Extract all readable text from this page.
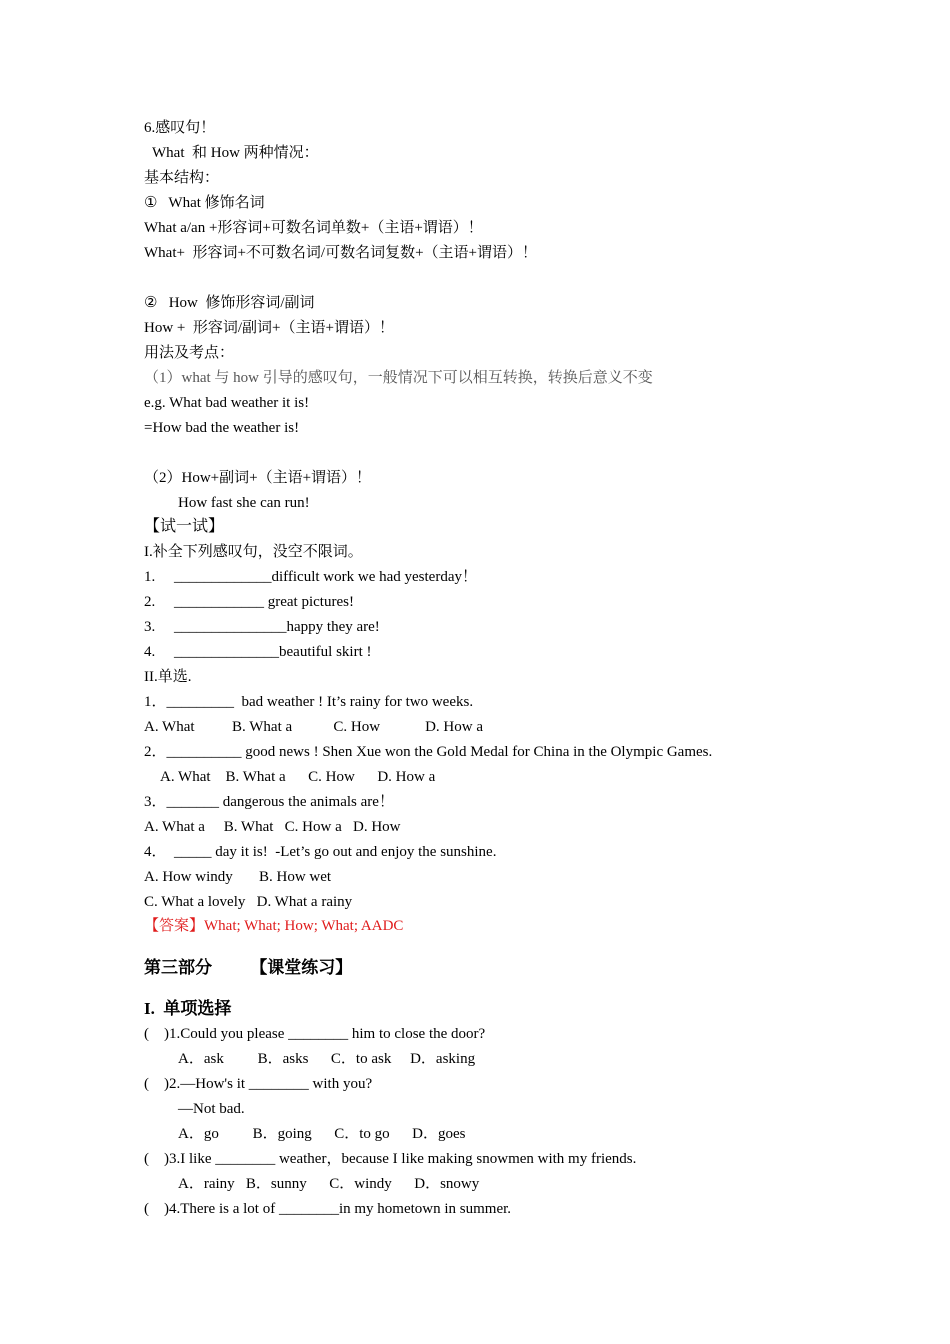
6.感叹句！
What  和 How 两种情况：
基本结构：
①   What 修饰名词
What a/an +形容词+可数名词单数+（主语+谓语）！
What+  形容词+不可数名词/可数名词复数+（主语+谓语）！
②   How  修饰形容词/副词
How +  形容词/副词+（主语+谓语）！
用法及考点：
（1）what 与 how 引导的感叹句，一般情况下可以相互转换，转换后意义不变
e.g. What bad weather it is!
=How bad the weather is!
（2）How+副词+（主语+谓语）！
How fast she can run!
【试一试】
I.补全下列感叹句，没空不限词。
1.     _____________difficult work we had yesterday！
2.     ____________ great pictures!
3.     _______________happy they are!
4.     ______________beautiful skirt !
II.单选.
1．_________  bad weather ! It’s rainy for two weeks.
A. What          B. What a           C. How            D. How a
2．__________ good news ! Shen Xue won the Gold Medal for China in the Olympic Games.
A. What    B. What a      C. How      D. How a
3．_______ dangerous the animals are！
A. What a     B. What   C. How a   D. How
4．  _____ day it is!  -Let’s go out and enjoy the sunshine.
A. How windy       B. How wet
C. What a lovely   D. What a rainy
【答案】What; What; How; What; AADC
第三部分         【课堂练习】
I.  单项选择
(    )1.Could you please ________ him to close the door?
A．ask         B．asks      C．to ask     D．asking
(    )2.—How's it ________ with you?
—Not bad.
A．go         B．going      C．to go      D．goes
(    )3.I like ________ weather，because I like making snowmen with my friends.
A．rainy   B．sunny      C．windy      D．snowy
(    )4.There is a lot of ________in my hometown in summer.
